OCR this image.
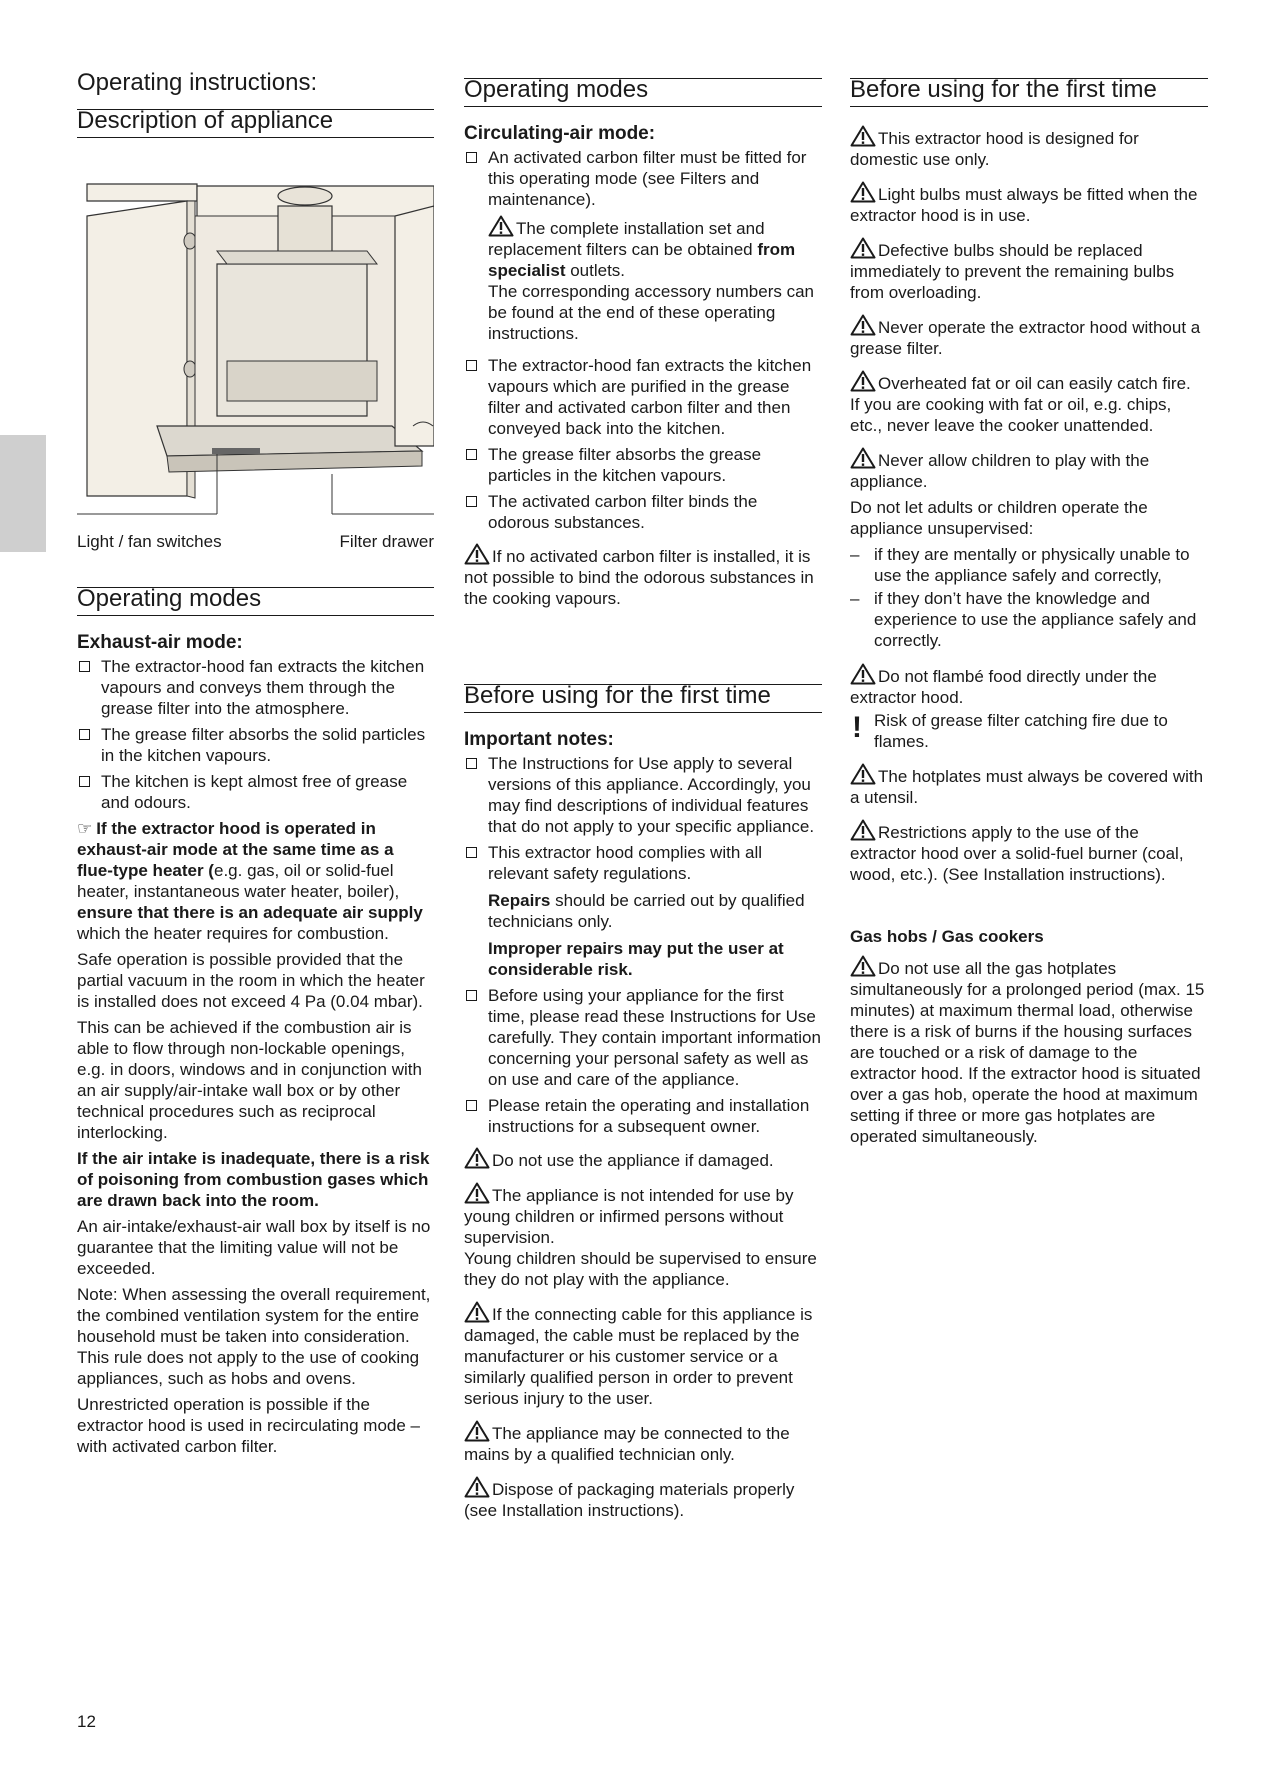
Operating instructions:
Description of appliance
Light / fan switches	Filter drawer
Operating modes
Exhaust-air mode:
The extractor-hood fan extracts the kitchen vapours and conveys them through the grease filter into the atmosphere.
The grease filter absorbs the solid particles in the kitchen vapours.
The kitchen is kept almost free of grease and odours.

☞ If the extractor hood is operated in exhaust-air mode at the same time as a flue-type heater (e.g. gas, oil or solid-fuel heater, instantaneous water heater, boiler), ensure that there is an adequate air supply which the heater requires for combustion.

Safe operation is possible provided that the partial vacuum in the room in which the heater is installed does not exceed 4 Pa (0.04 mbar).

This can be achieved if the combustion air is able to flow through non-lockable openings, e.g. in doors, windows and in conjunction with an air supply/air-intake wall box or by other technical procedures such as reciprocal interlocking.

If the air intake is inadequate, there is a risk of poisoning from combustion gases which are drawn back into the room.

An air-intake/exhaust-air wall box by itself is no guarantee that the limiting value will not be exceeded.

Note: When assessing the overall requirement, the combined ventilation system for the entire household must be taken into consideration. This rule does not apply to the use of cooking appliances, such as hobs and ovens.

Unrestricted operation is possible if the extractor hood is used in recirculating mode – with activated carbon filter.

Operating modes
Circulating-air mode:
An activated carbon filter must be fitted for this operating mode (see Filters and maintenance).
The complete installation set and replacement filters can be obtained from specialist outlets.
The corresponding accessory numbers can be found at the end of these operating instructions.
The extractor-hood fan extracts the kitchen vapours which are purified in the grease filter and activated carbon filter and then conveyed back into the kitchen.
The grease filter absorbs the grease particles in the kitchen vapours.
The activated carbon filter binds the odorous substances.
If no activated carbon filter is installed, it is not possible to bind the odorous substances in the cooking vapours.
Before using for the first time
Important notes:
The Instructions for Use apply to several versions of this appliance. Accordingly, you may find descriptions of individual features that do not apply to your specific appliance.
This extractor hood complies with all relevant safety regulations.
Repairs should be carried out by qualified technicians only.
Improper repairs may put the user at considerable risk.
Before using your appliance for the first time, please read these Instructions for Use carefully. They contain important information concerning your personal safety as well as on use and care of the appliance.
Please retain the operating and installation instructions for a subsequent owner.
Do not use the appliance if damaged.
The appliance is not intended for use by young children or infirmed persons without supervision.
Young children should be supervised to ensure they do not play with the appliance.
If the connecting cable for this appliance is damaged, the cable must be replaced by the manufacturer or his customer service or a similarly qualified person in order to prevent serious injury to the user.
The appliance may be connected to the mains by a qualified technician only.
Dispose of packaging materials properly (see Installation instructions).
Before using for the first time
This extractor hood is designed for domestic use only.
Light bulbs must always be fitted when the extractor hood is in use.
Defective bulbs should be replaced immediately to prevent the remaining bulbs from overloading.
Never operate the extractor hood without a grease filter.
Overheated fat or oil can easily catch fire.
If you are cooking with fat or oil, e.g. chips, etc., never leave the cooker unattended.
Never allow children to play with the appliance.

Do not let adults or children operate the appliance unsupervised:

– if they are mentally or physically unable to use the appliance safely and correctly,
– if they don’t have the knowledge and experience to use the appliance safely and correctly.
Do not flambé food directly under the extractor hood.
! Risk of grease filter catching fire due to flames.
The hotplates must always be covered with a utensil.
Restrictions apply to the use of the extractor hood over a solid-fuel burner (coal, wood, etc.). (See Installation instructions).
Gas hobs / Gas cookers
Do not use all the gas hotplates simultaneously for a prolonged period (max. 15 minutes) at maximum thermal load, otherwise there is a risk of burns if the housing surfaces are touched or a risk of damage to the extractor hood. If the extractor hood is situated over a gas hob, operate the hood at maximum setting if three or more gas hotplates are operated simultaneously.
12
